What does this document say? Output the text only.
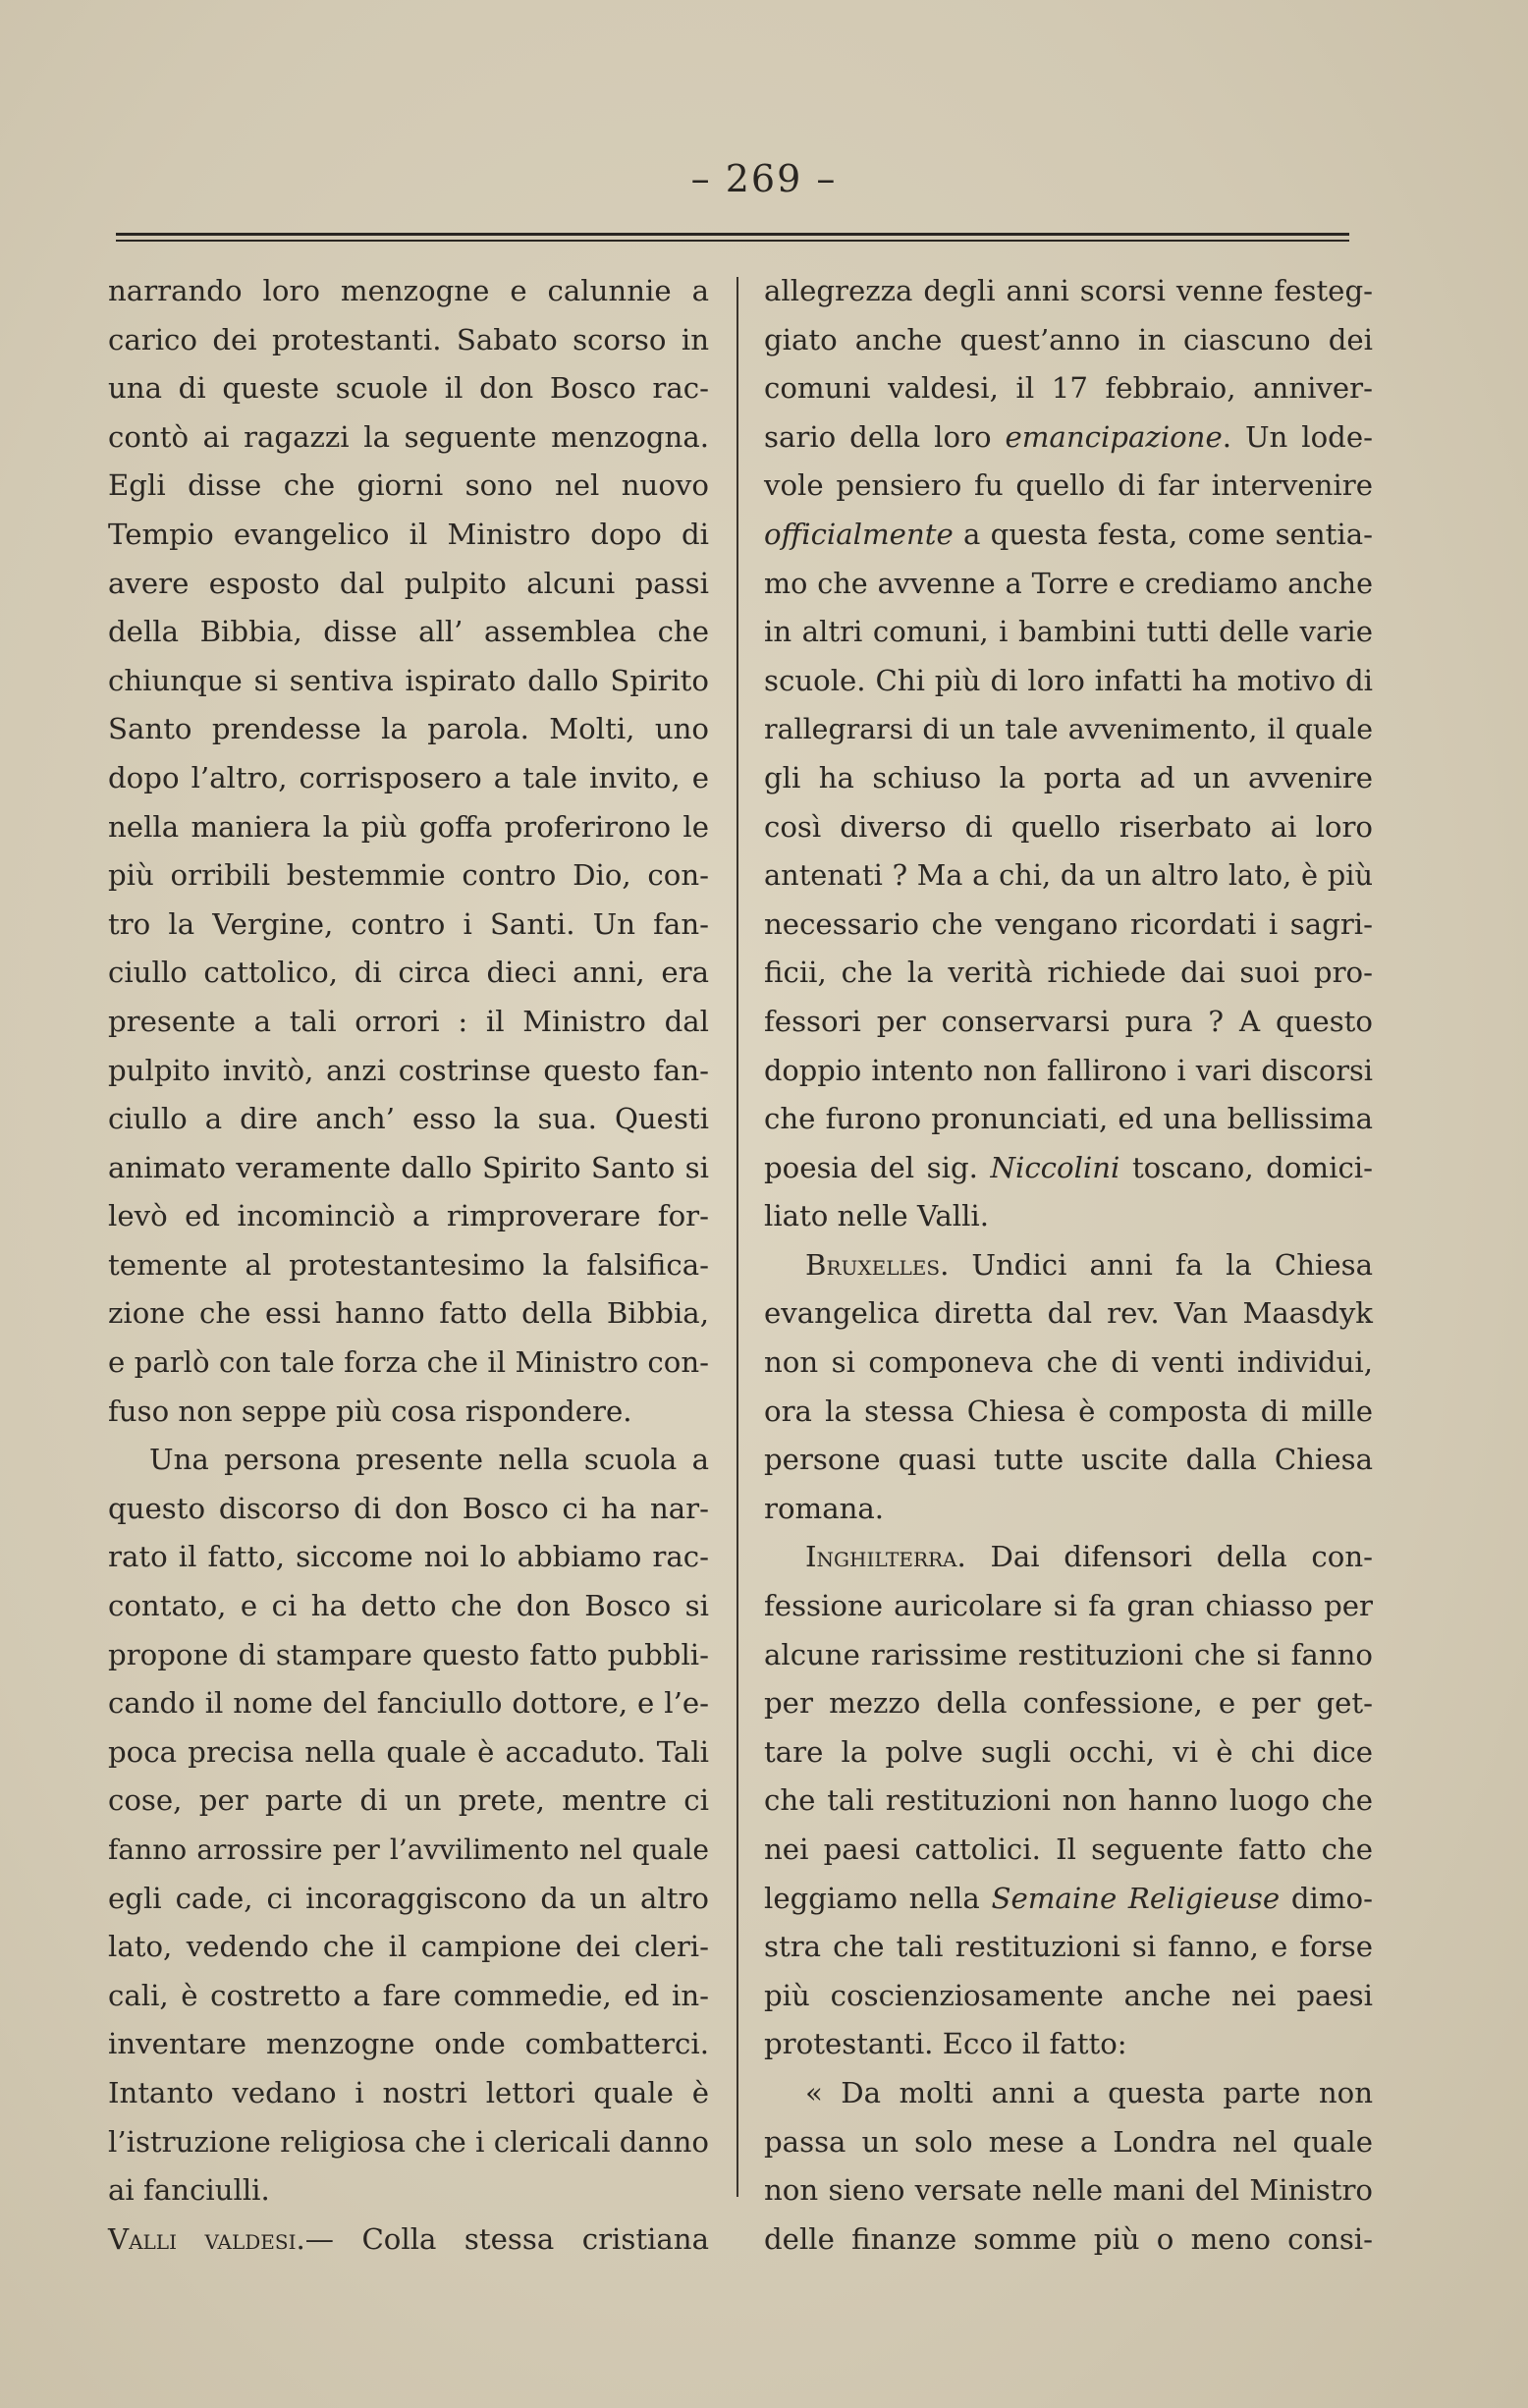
– 269 –
narrando loro menzogne e calunnie a
carico dei protestanti. Sabato scorso in
una di queste scuole il don Bosco rac-
contò ai ragazzi la seguente menzogna.
Egli disse che giorni sono nel nuovo
Tempio evangelico il Ministro dopo di
avere esposto dal pulpito alcuni passi
della Bibbia, disse all’ assemblea che
chiunque si sentiva ispirato dallo Spirito
Santo prendesse la parola. Molti, uno
dopo l’altro, corrisposero a tale invito, e
nella maniera la più goffa proferirono le
più orribili bestemmie contro Dio, con-
tro la Vergine, contro i Santi. Un fan-
ciullo cattolico, di circa dieci anni, era
presente a tali orrori : il Ministro dal
pulpito invitò, anzi costrinse questo fan-
ciullo a dire anch’ esso la sua. Questi
animato veramente dallo Spirito Santo si
levò ed incominciò a rimproverare for-
temente al protestantesimo la falsifica-
zione che essi hanno fatto della Bibbia,
e parlò con tale forza che il Ministro con-
fuso non seppe più cosa rispondere.
Una persona presente nella scuola a
questo discorso di don Bosco ci ha nar-
rato il fatto, siccome noi lo abbiamo rac-
contato, e ci ha detto che don Bosco si
propone di stampare questo fatto pubbli-
cando il nome del fanciullo dottore, e l’e-
poca precisa nella quale è accaduto. Tali
cose, per parte di un prete, mentre ci
fanno arrossire per l’avvilimento nel quale
egli cade, ci incoraggiscono da un altro
lato, vedendo che il campione dei cleri-
cali, è costretto a fare commedie, ed in-
inventare menzogne onde combatterci.
Intanto vedano i nostri lettori quale è
l’istruzione religiosa che i clericali danno
ai fanciulli.
Valli valdesi.— Colla stessa cristiana
allegrezza degli anni scorsi venne festeg-
giato anche quest’anno in ciascuno dei
comuni valdesi, il 17 febbraio, anniver-
sario della loro emancipazione. Un lode-
vole pensiero fu quello di far intervenire
officialmente a questa festa, come sentia-
mo che avvenne a Torre e crediamo anche
in altri comuni, i bambini tutti delle varie
scuole. Chi più di loro infatti ha motivo di
rallegrarsi di un tale avvenimento, il quale
gli ha schiuso la porta ad un avvenire
così diverso di quello riserbato ai loro
antenati ? Ma a chi, da un altro lato, è più
necessario che vengano ricordati i sagri-
ficii, che la verità richiede dai suoi pro-
fessori per conservarsi pura ? A questo
doppio intento non fallirono i vari discorsi
che furono pronunciati, ed una bellissima
poesia del sig. Niccolini toscano, domici-
liato nelle Valli.
Bruxelles. Undici anni fa la Chiesa
evangelica diretta dal rev. Van Maasdyk
non si componeva che di venti individui,
ora la stessa Chiesa è composta di mille
persone quasi tutte uscite dalla Chiesa
romana.
Inghilterra. Dai difensori della con-
fessione auricolare si fa gran chiasso per
alcune rarissime restituzioni che si fanno
per mezzo della confessione, e per get-
tare la polve sugli occhi, vi è chi dice
che tali restituzioni non hanno luogo che
nei paesi cattolici. Il seguente fatto che
leggiamo nella Semaine Religieuse dimo-
stra che tali restituzioni si fanno, e forse
più coscienziosamente anche nei paesi
protestanti. Ecco il fatto:
« Da molti anni a questa parte non
passa un solo mese a Londra nel quale
non sieno versate nelle mani del Ministro
delle finanze somme più o meno consi-
